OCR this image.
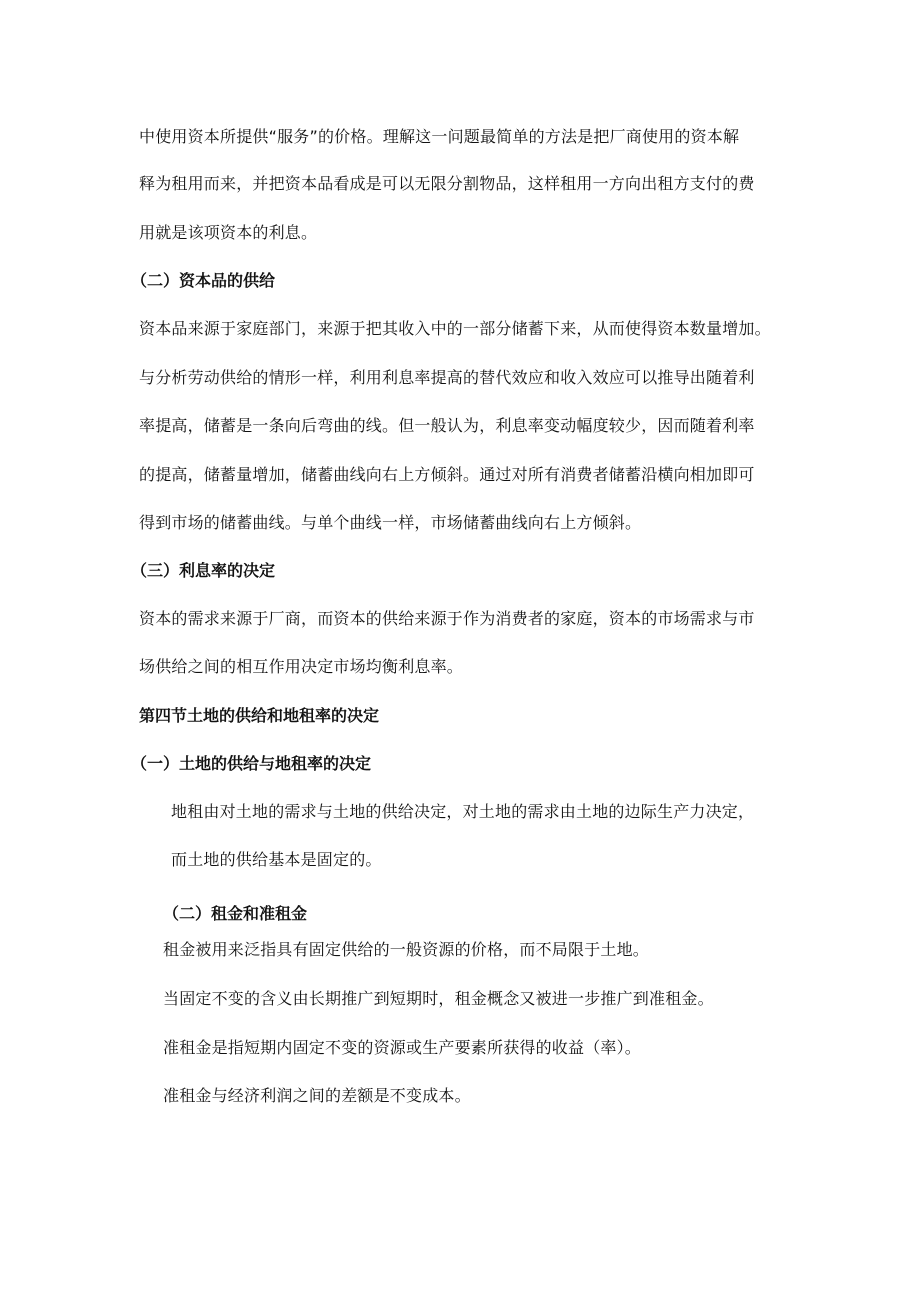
中使用资本所提供“服务”的价格。理解这一问题最简单的方法是把厂商使用的资本解
释为租用而来，并把资本品看成是可以无限分割物品，这样租用一方向出租方支付的费
用就是该项资本的利息。
（二）资本品的供给
资本品来源于家庭部门，来源于把其收入中的一部分储蓄下来，从而使得资本数量增加。
与分析劳动供给的情形一样，利用利息率提高的替代效应和收入效应可以推导出随着利
率提高，储蓄是一条向后弯曲的线。但一般认为，利息率变动幅度较少，因而随着利率
的提高，储蓄量增加，储蓄曲线向右上方倾斜。通过对所有消费者储蓄沿横向相加即可
得到市场的储蓄曲线。与单个曲线一样，市场储蓄曲线向右上方倾斜。
（三）利息率的决定
资本的需求来源于厂商，而资本的供给来源于作为消费者的家庭，资本的市场需求与市
场供给之间的相互作用决定市场均衡利息率。
第四节土地的供给和地租率的决定
（一）土地的供给与地租率的决定
地租由对土地的需求与土地的供给决定，对土地的需求由土地的边际生产力决定，
而土地的供给基本是固定的。
（二）租金和准租金
租金被用来泛指具有固定供给的一般资源的价格，而不局限于土地。
当固定不变的含义由长期推广到短期时，租金概念又被进一步推广到准租金。
准租金是指短期内固定不变的资源或生产要素所获得的收益（率）。
准租金与经济利润之间的差额是不变成本。
